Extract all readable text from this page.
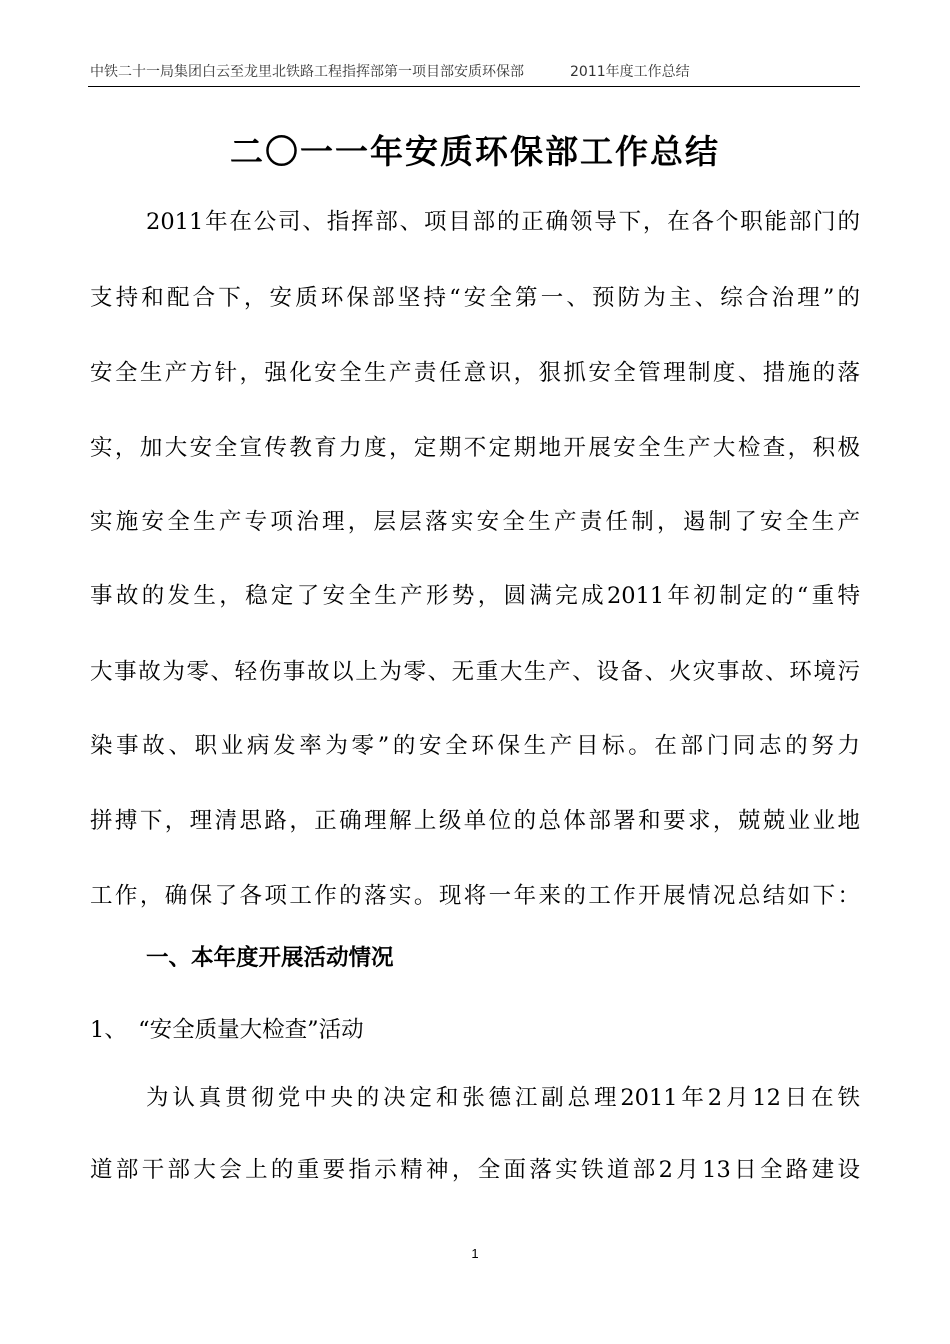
中铁二十一局集团白云至龙里北铁路工程指挥部第一项目部安质环保部	2011年度工作总结
二〇一一年安质环保部工作总结
2011年在公司、指挥部、项目部的正确领导下，在各个职能部门的
支持和配合下，安质环保部坚持“安全第一、预防为主、综合治理”的
安全生产方针，强化安全生产责任意识，狠抓安全管理制度、措施的落
实，加大安全宣传教育力度，定期不定期地开展安全生产大检查，积极
实施安全生产专项治理，层层落实安全生产责任制，遏制了安全生产
事故的发生，稳定了安全生产形势，圆满完成2011年初制定的“重特
大事故为零、轻伤事故以上为零、无重大生产、设备、火灾事故、环境污
染事故、职业病发率为零”的安全环保生产目标。在部门同志的努力
拼搏下，理清思路，正确理解上级单位的总体部署和要求，兢兢业业地
工作，确保了各项工作的落实。现将一年来的工作开展情况总结如下：
一、本年度开展活动情况
1、　“安全质量大检查”活动
为认真贯彻党中央的决定和张德江副总理2011年2月12日在铁
道部干部大会上的重要指示精神，全面落实铁道部2月13日全路建设
1
